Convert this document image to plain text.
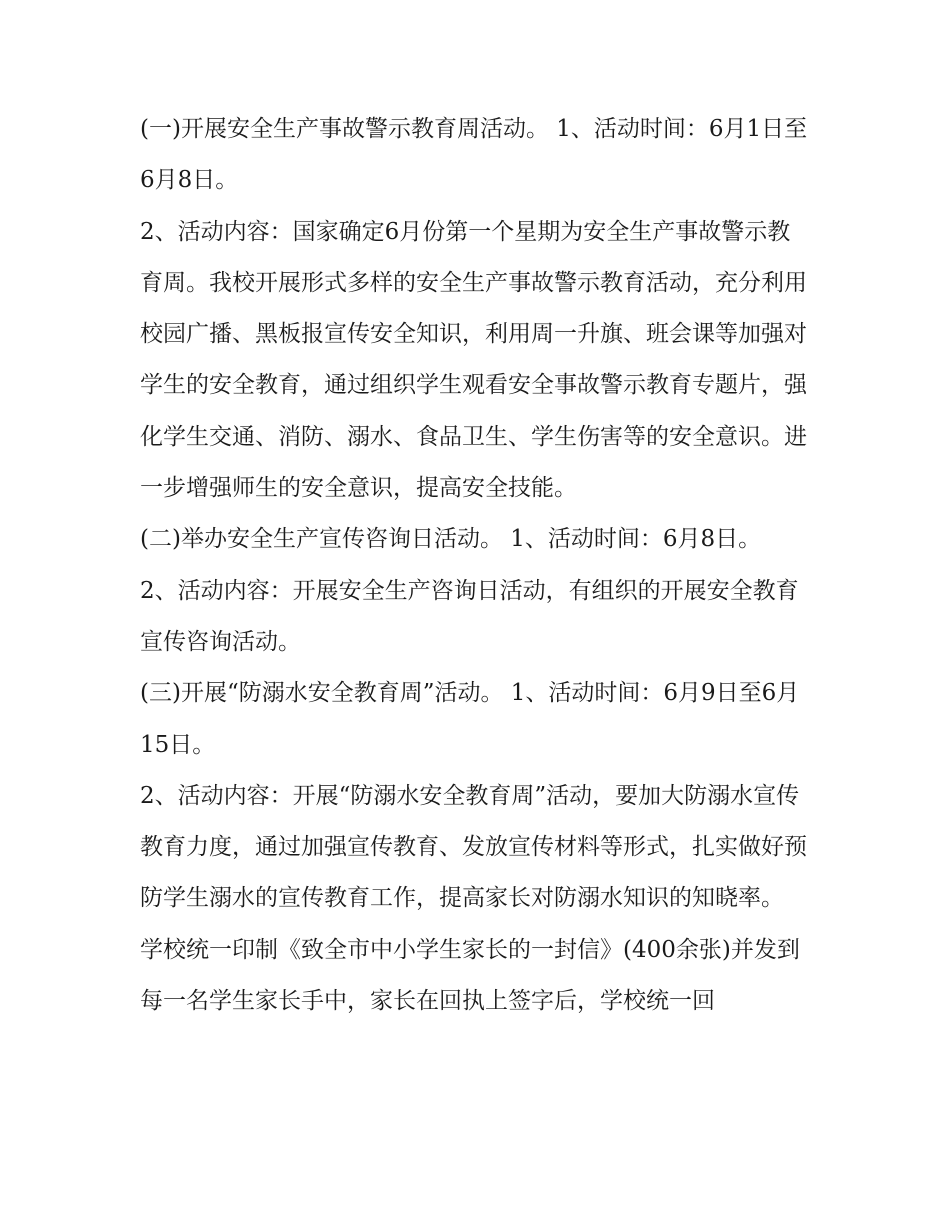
(一)开展安全生产事故警示教育周活动。 1、活动时间：6月1日至6月8日。

2、活动内容：国家确定6月份第一个星期为安全生产事故警示教育周。我校开展形式多样的安全生产事故警示教育活动，充分利用校园广播、黑板报宣传安全知识，利用周一升旗、班会课等加强对学生的安全教育，通过组织学生观看安全事故警示教育专题片，强化学生交通、消防、溺水、食品卫生、学生伤害等的安全意识。进一步增强师生的安全意识，提高安全技能。

(二)举办安全生产宣传咨询日活动。 1、活动时间：6月8日。

2、活动内容：开展安全生产咨询日活动，有组织的开展安全教育宣传咨询活动。

(三)开展“防溺水安全教育周”活动。 1、活动时间：6月9日至6月15日。

2、活动内容：开展“防溺水安全教育周”活动，要加大防溺水宣传教育力度，通过加强宣传教育、发放宣传材料等形式，扎实做好预防学生溺水的宣传教育工作，提高家长对防溺水知识的知晓率。

学校统一印制《致全市中小学生家长的一封信》(400余张)并发到每一名学生家长手中，家长在回执上签字后，学校统一回
